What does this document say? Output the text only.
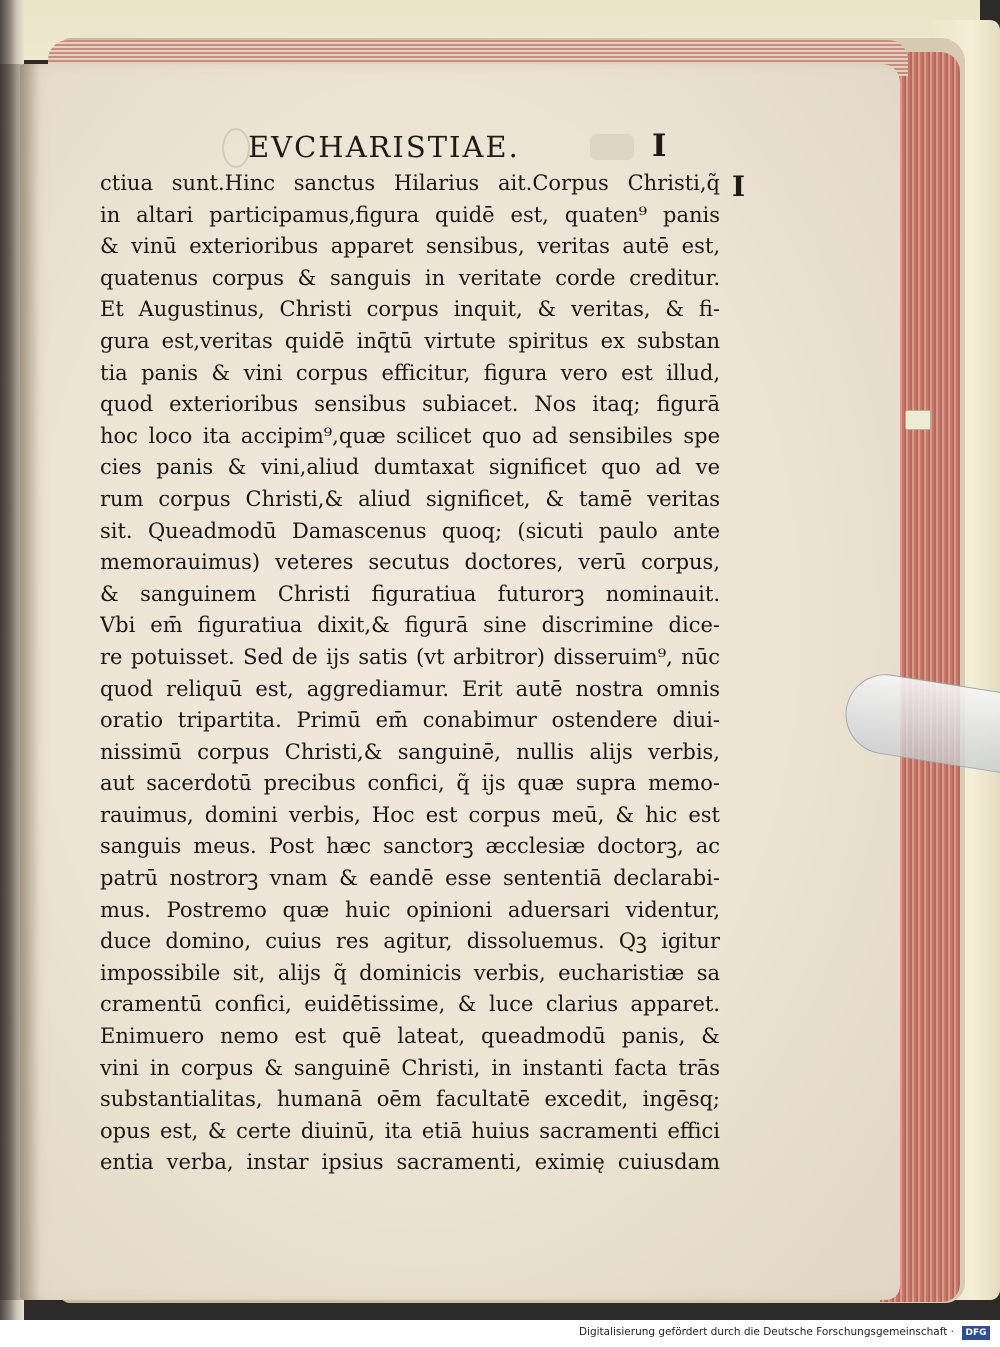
EVCHARISTIAE.	I
I
ctiua sunt.Hinc sanctus Hilarius ait.Corpus Christi,q̃
in altari participamus,figura quidē est, quaten⁹ panis
& vinū exterioribus apparet sensibus, veritas autē est,
quatenus corpus & sanguis in veritate corde creditur.
Et Augustinus, Christi corpus inquit, & veritas, & fi-
gura est,veritas quidē inq̄tū virtute spiritus ex substan
tia panis & vini corpus efficitur, figura vero est illud,
quod exterioribus sensibus subiacet. Nos itaq; figurā
hoc loco ita accipim⁹,quæ scilicet quo ad sensibiles spe
cies panis & vini,aliud dumtaxat significet quo ad ve
rum corpus Christi,& aliud significet, & tamē veritas
sit. Queadmodū Damascenus quoq; (sicuti paulo ante
memorauimus) veteres secutus doctores, verū corpus,
& sanguinem Christi figuratiua futurorꝫ nominauit.
Vbi em̄ figuratiua dixit,& figurā sine discrimine dice-
re potuisset. Sed de ijs satis (vt arbitror) disseruim⁹, nūc
quod reliquū est, aggrediamur. Erit autē nostra omnis
oratio tripartita. Primū em̄ conabimur ostendere diui-
nissimū corpus Christi,& sanguinē, nullis alijs verbis,
aut sacerdotū precibus confici, q̃ ijs quæ supra memo-
rauimus, domini verbis, Hoc est corpus meū, & hic est
sanguis meus. Post hæc sanctorꝫ æcclesiæ doctorꝫ, ac
patrū nostrorꝫ vnam & eandē esse sententiā declarabi-
mus. Postremo quæ huic opinioni aduersari videntur,
duce domino, cuius res agitur, dissoluemus. Qꝫ igitur
impossibile sit, alijs q̃ dominicis verbis, eucharistiæ sa
cramentū confici, euidētissime, & luce clarius apparet.
Enimuero nemo est quē lateat, queadmodū panis, &
vini in corpus & sanguinē Christi, in instanti facta trās
substantialitas, humanā oēm facultatē excedit, ingēsq;
opus est, & certe diuinū, ita etiā huius sacramenti effici
entia verba, instar ipsius sacramenti, eximię cuiusdam
Digitalisierung gefördert durch die Deutsche Forschungsgemeinschaft ·	DFG
